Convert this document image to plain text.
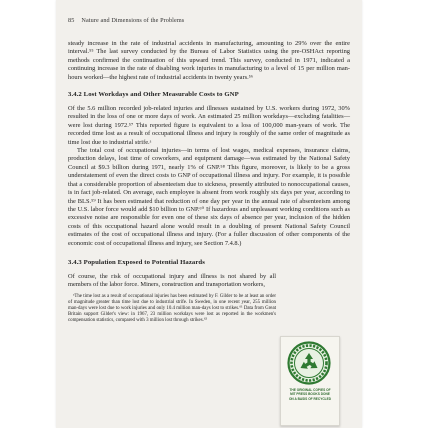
85 Nature and Dimensions of the Problems

steady increase in the rate of industrial accidents in manufacturing, amounting to 29% over the entire interval.⁵⁵ The last survey conducted by the Bureau of Labor Statistics using the pre-OSHAct reporting methods confirmed the continuation of this upward trend. This survey, conducted in 1971, indicated a continuing increase in the rate of disabling work injuries in manufacturing to a level of 15 per million man-hours worked—the highest rate of industrial accidents in twenty years.⁵⁶

3.4.2 Lost Workdays and Other Measurable Costs to GNP

Of the 5.6 million recorded job-related injuries and illnesses sustained by U.S. workers during 1972, 30% resulted in the loss of one or more days of work. An estimated 25 million workdays—excluding fatalities—were lost during 1972.⁵⁷ This reported figure is equivalent to a loss of 100,000 man-years of work. The recorded time lost as a result of occupational illness and injury is roughly of the same order of magnitude as time lost due to industrial strife.ᵃ

The total cost of occupational injuries—in terms of lost wages, medical expenses, insurance claims, production delays, lost time of coworkers, and equipment damage—was estimated by the National Safety Council at $9.3 billion during 1971, nearly 1% of GNP.⁵⁸ This figure, moreover, is likely to be a gross understatement of even the direct costs to GNP of occupational illness and injury. For example, it is possible that a considerable proportion of absenteeism due to sickness, presently attributed to nonoccupational causes, is in fact job-related. On average, each employee is absent from work roughly six days per year, according to the BLS.⁵⁹ It has been estimated that reduction of one day per year in the annual rate of absenteeism among the U.S. labor force would add $10 billion to GNP.⁶⁰ If hazardous and unpleasant working conditions such as excessive noise are responsible for even one of these six days of absence per year, inclusion of the hidden costs of this occupational hazard alone would result in a doubling of present National Safety Council estimates of the cost of occupational illness and injury. (For a fuller discussion of other components of the economic cost of occupational illness and injury, see Section 7.4.8.)

3.4.3 Population Exposed to Potential Hazards

Of course, the risk of occupational injury and illness is not shared by all members of the labor force. Miners, construction and transportation workers,

ᵃThe time lost as a result of occupational injuries has been estimated by F. Gilder to be at least an order of magnitude greater than time lost due to industrial strife. In Sweden, in one recent year, 255 million man-days were lost due to work injuries and only 10.4 million man-days lost to strikes.⁶¹ Data from Great Britain support Gilder's view: in 1967, 23 million workdays were lost as reported in the workmen's compensation statistics, compared with 3 million lost through strikes.⁶²

THE ORIGINAL COPIES OF
MIT PRESS BOOKS DONE
ON A BASIS OF RECYCLED
